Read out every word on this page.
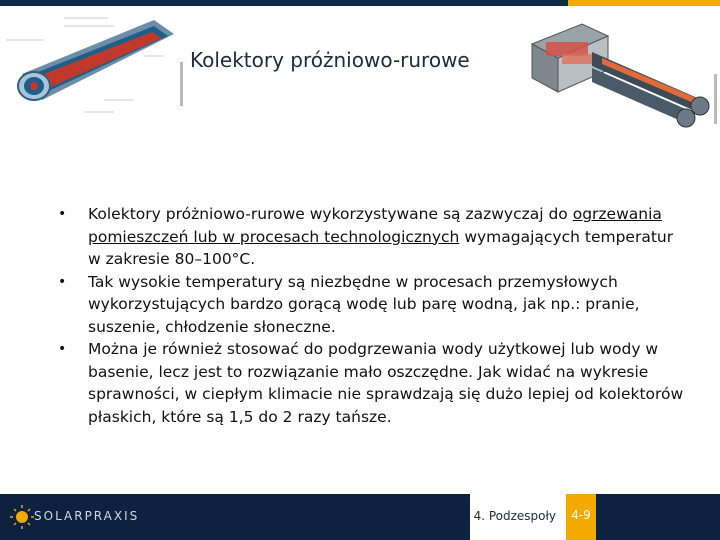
Kolektory próżniowo-rurowe
• Kolektory próżniowo-rurowe wykorzystywane są zazwyczaj do ogrzewania pomieszczeń lub w procesach technologicznych wymagających temperatur w zakresie 80–100°C.
• Tak wysokie temperatury są niezbędne w procesach przemysłowych wykorzystujących bardzo gorącą wodę lub parę wodną, jak np.: pranie, suszenie, chłodzenie słoneczne.
• Można je również stosować do podgrzewania wody użytkowej lub wody w basenie, lecz jest to rozwiązanie mało oszczędne. Jak widać na wykresie sprawności, w ciepłym klimacie nie sprawdzają się dużo lepiej od kolektorów płaskich, które są 1,5 do 2 razy tańsze.
SOLARPRAXIS	4. Podzespoły	4-9
